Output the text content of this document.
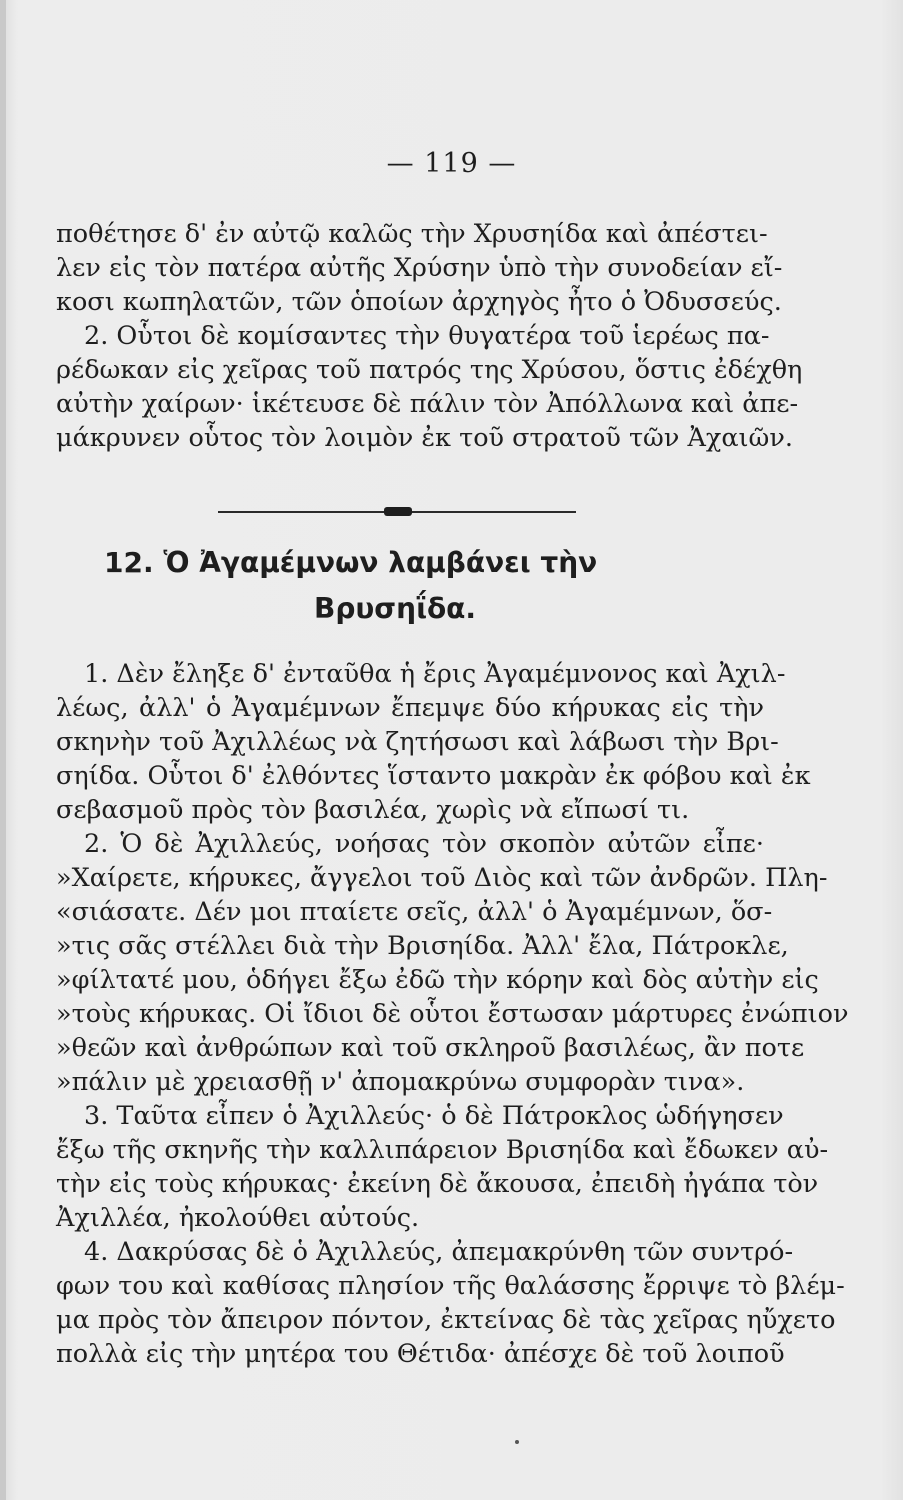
— 119 —
ποθέτησε δ' ἐν αὐτῷ καλῶς τὴν Χρυσηίδα καὶ ἀπέστει-
λεν εἰς τὸν πατέρα αὐτῆς Χρύσην ὑπὸ τὴν συνοδείαν εἴ-
κοσι κωπηλατῶν, τῶν ὁποίων ἀρχηγὸς ἦτο ὁ Ὀδυσσεύς.
2. Οὗτοι δὲ κομίσαντες τὴν θυγατέρα τοῦ ἱερέως πα-
ρέδωκαν εἰς χεῖρας τοῦ πατρός της Χρύσου, ὅστις ἐδέχθη
αὐτὴν χαίρων· ἱκέτευσε δὲ πάλιν τὸν Ἀπόλλωνα καὶ ἀπε-
μάκρυνεν οὗτος τὸν λοιμὸν ἐκ τοῦ στρατοῦ τῶν Ἀχαιῶν.
12. Ὁ Ἀγαμέμνων λαμβάνει τὴν
Βρυσηΐδα.
1. Δὲν ἔληξε δ' ἐνταῦθα ἡ ἔρις Ἀγαμέμνονος καὶ Ἀχιλ-
λέως, ἀλλ' ὁ Ἀγαμέμνων ἔπεμψε δύο κήρυκας εἰς τὴν
σκηνὴν τοῦ Ἀχιλλέως νὰ ζητήσωσι καὶ λάβωσι τὴν Βρι-
σηίδα. Οὗτοι δ' ἐλθόντες ἵσταντο μακρὰν ἐκ φόβου καὶ ἐκ
σεβασμοῦ πρὸς τὸν βασιλέα, χωρὶς νὰ εἴπωσί τι.
2. Ὁ δὲ Ἀχιλλεύς, νοήσας τὸν σκοπὸν αὐτῶν εἶπε·
»Χαίρετε, κήρυκες, ἄγγελοι τοῦ Διὸς καὶ τῶν ἀνδρῶν. Πλη-
«σιάσατε. Δέν μοι πταίετε σεῖς, ἀλλ' ὁ Ἀγαμέμνων, ὅσ-
»τις σᾶς στέλλει διὰ τὴν Βρισηίδα. Ἀλλ' ἔλα, Πάτροκλε,
»φίλτατέ μου, ὁδήγει ἔξω ἐδῶ τὴν κόρην καὶ δὸς αὐτὴν εἰς
»τοὺς κήρυκας. Οἱ ἴδιοι δὲ οὗτοι ἔστωσαν μάρτυρες ἐνώπιον
»θεῶν καὶ ἀνθρώπων καὶ τοῦ σκληροῦ βασιλέως, ἂν ποτε
»πάλιν μὲ χρειασθῇ ν' ἀπομακρύνω συμφορὰν τινα».
3. Ταῦτα εἶπεν ὁ Ἀχιλλεύς· ὁ δὲ Πάτροκλος ὡδήγησεν
ἔξω τῆς σκηνῆς τὴν καλλιπάρειον Βρισηίδα καὶ ἔδωκεν αὐ-
τὴν εἰς τοὺς κήρυκας· ἐκείνη δὲ ἄκουσα, ἐπειδὴ ἠγάπα τὸν
Ἀχιλλέα, ἠκολούθει αὐτούς.
4. Δακρύσας δὲ ὁ Ἀχιλλεύς, ἀπεμακρύνθη τῶν συντρό-
φων του καὶ καθίσας πλησίον τῆς θαλάσσης ἔρριψε τὸ βλέμ-
μα πρὸς τὸν ἄπειρον πόντον, ἐκτείνας δὲ τὰς χεῖρας ηὔχετο
πολλὰ εἰς τὴν μητέρα του Θέτιδα· ἀπέσχε δὲ τοῦ λοιποῦ
